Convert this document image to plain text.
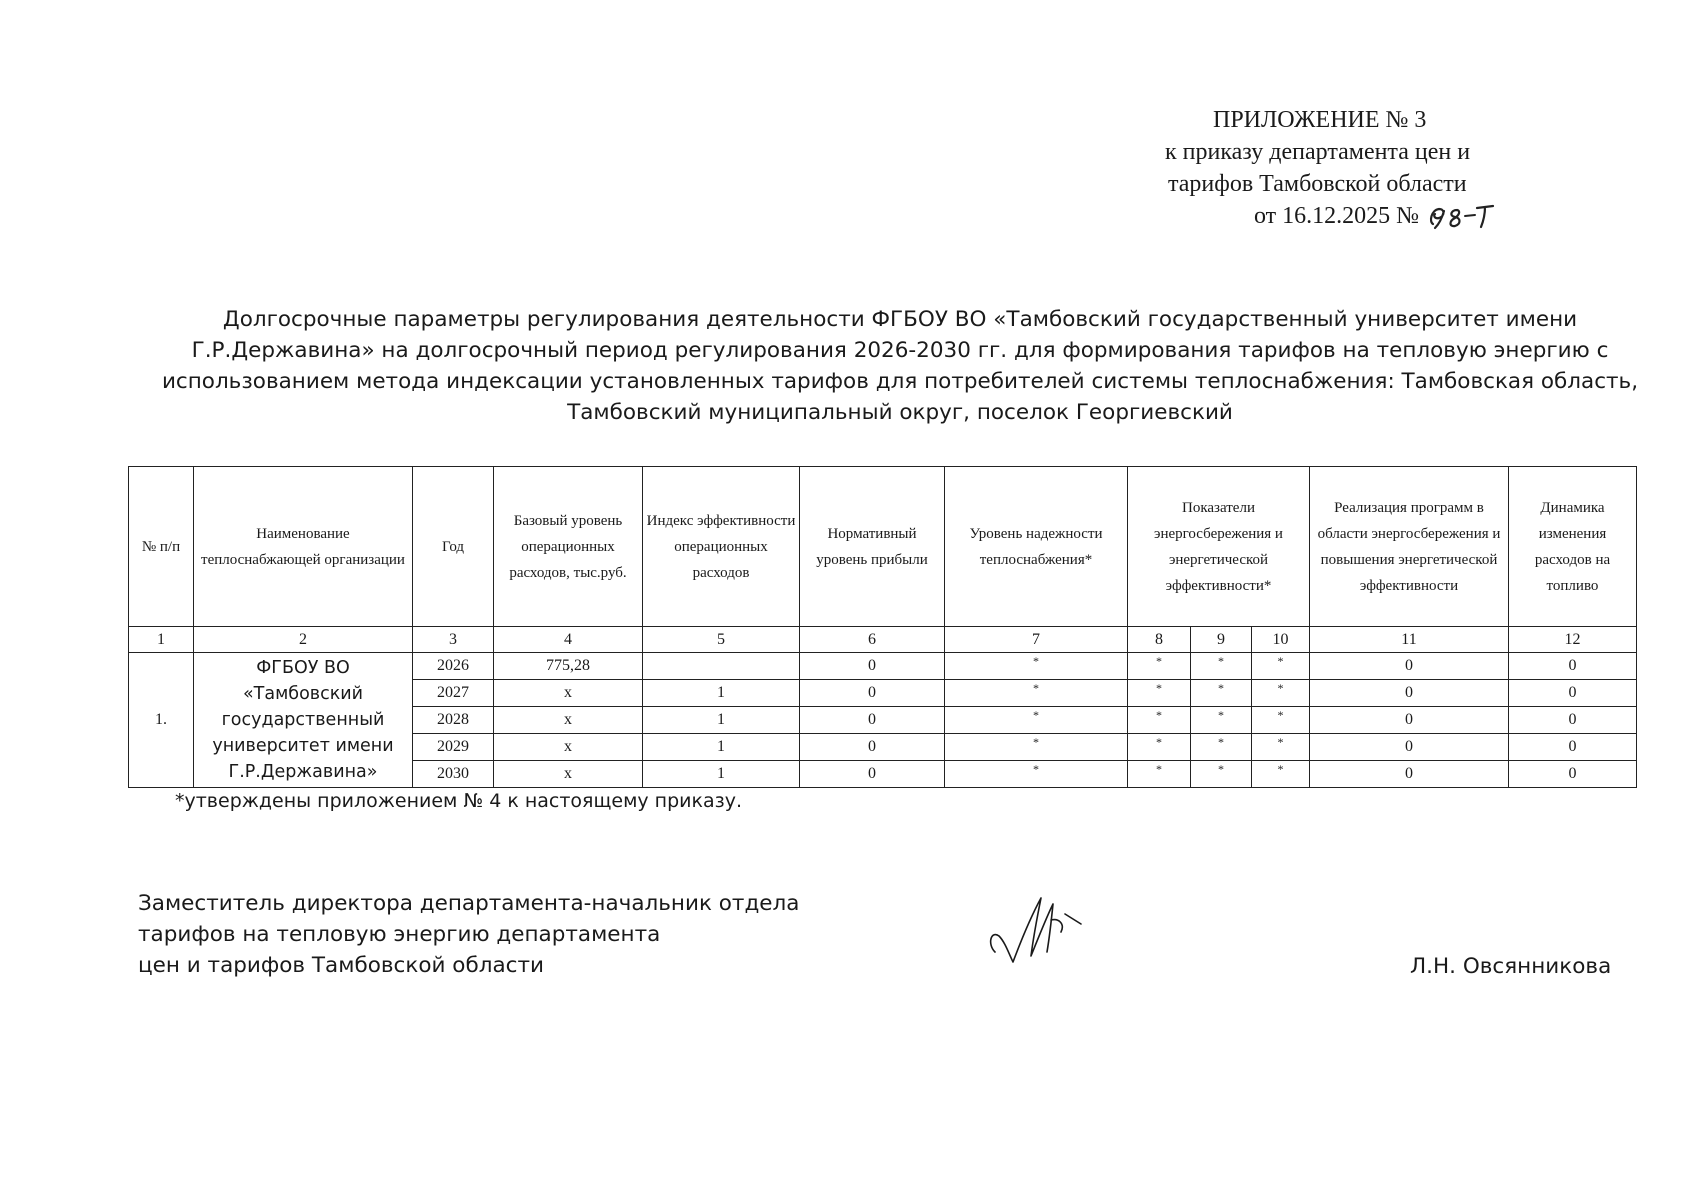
ПРИЛОЖЕНИЕ № 3
к приказу департамента цен и
тарифов Тамбовской области
от 16.12.2025 №
Долгосрочные параметры регулирования деятельности ФГБОУ ВО «Тамбовский государственный университет имени Г.Р.Державина» на долгосрочный период регулирования 2026-2030 гг. для формирования тарифов на тепловую энергию с использованием метода индексации установленных тарифов для потребителей системы теплоснабжения: Тамбовская область, Тамбовский муниципальный округ, поселок Георгиевский
№ п/п	Наименование теплоснабжающей организации	Год	Базовый уровень операционных расходов, тыс.руб.	Индекс эффективности операционных расходов	Нормативный уровень прибыли	Уровень надежности теплоснабжения*	Показатели энергосбережения и энергетической эффективности*			Реализация программ в области энергосбережения и повышения энергетической эффективности	Динамика изменения расходов на топливо
1	2	3	4	5	6	7	8	9	10	11	12
1.	ФГБОУ ВО «Тамбовский государственный университет имени Г.Р.Державина»	2026	775,28		0	*	*	*	*	0	0
		2027	x	1	0	*	*	*	*	0	0
		2028	x	1	0	*	*	*	*	0	0
		2029	x	1	0	*	*	*	*	0	0
		2030	x	1	0	*	*	*	*	0	0
*утверждены приложением № 4 к настоящему приказу.
Заместитель директора департамента-начальник отдела
тарифов на тепловую энергию департамента
цен и тарифов Тамбовской области	Л.Н. Овсянникова
